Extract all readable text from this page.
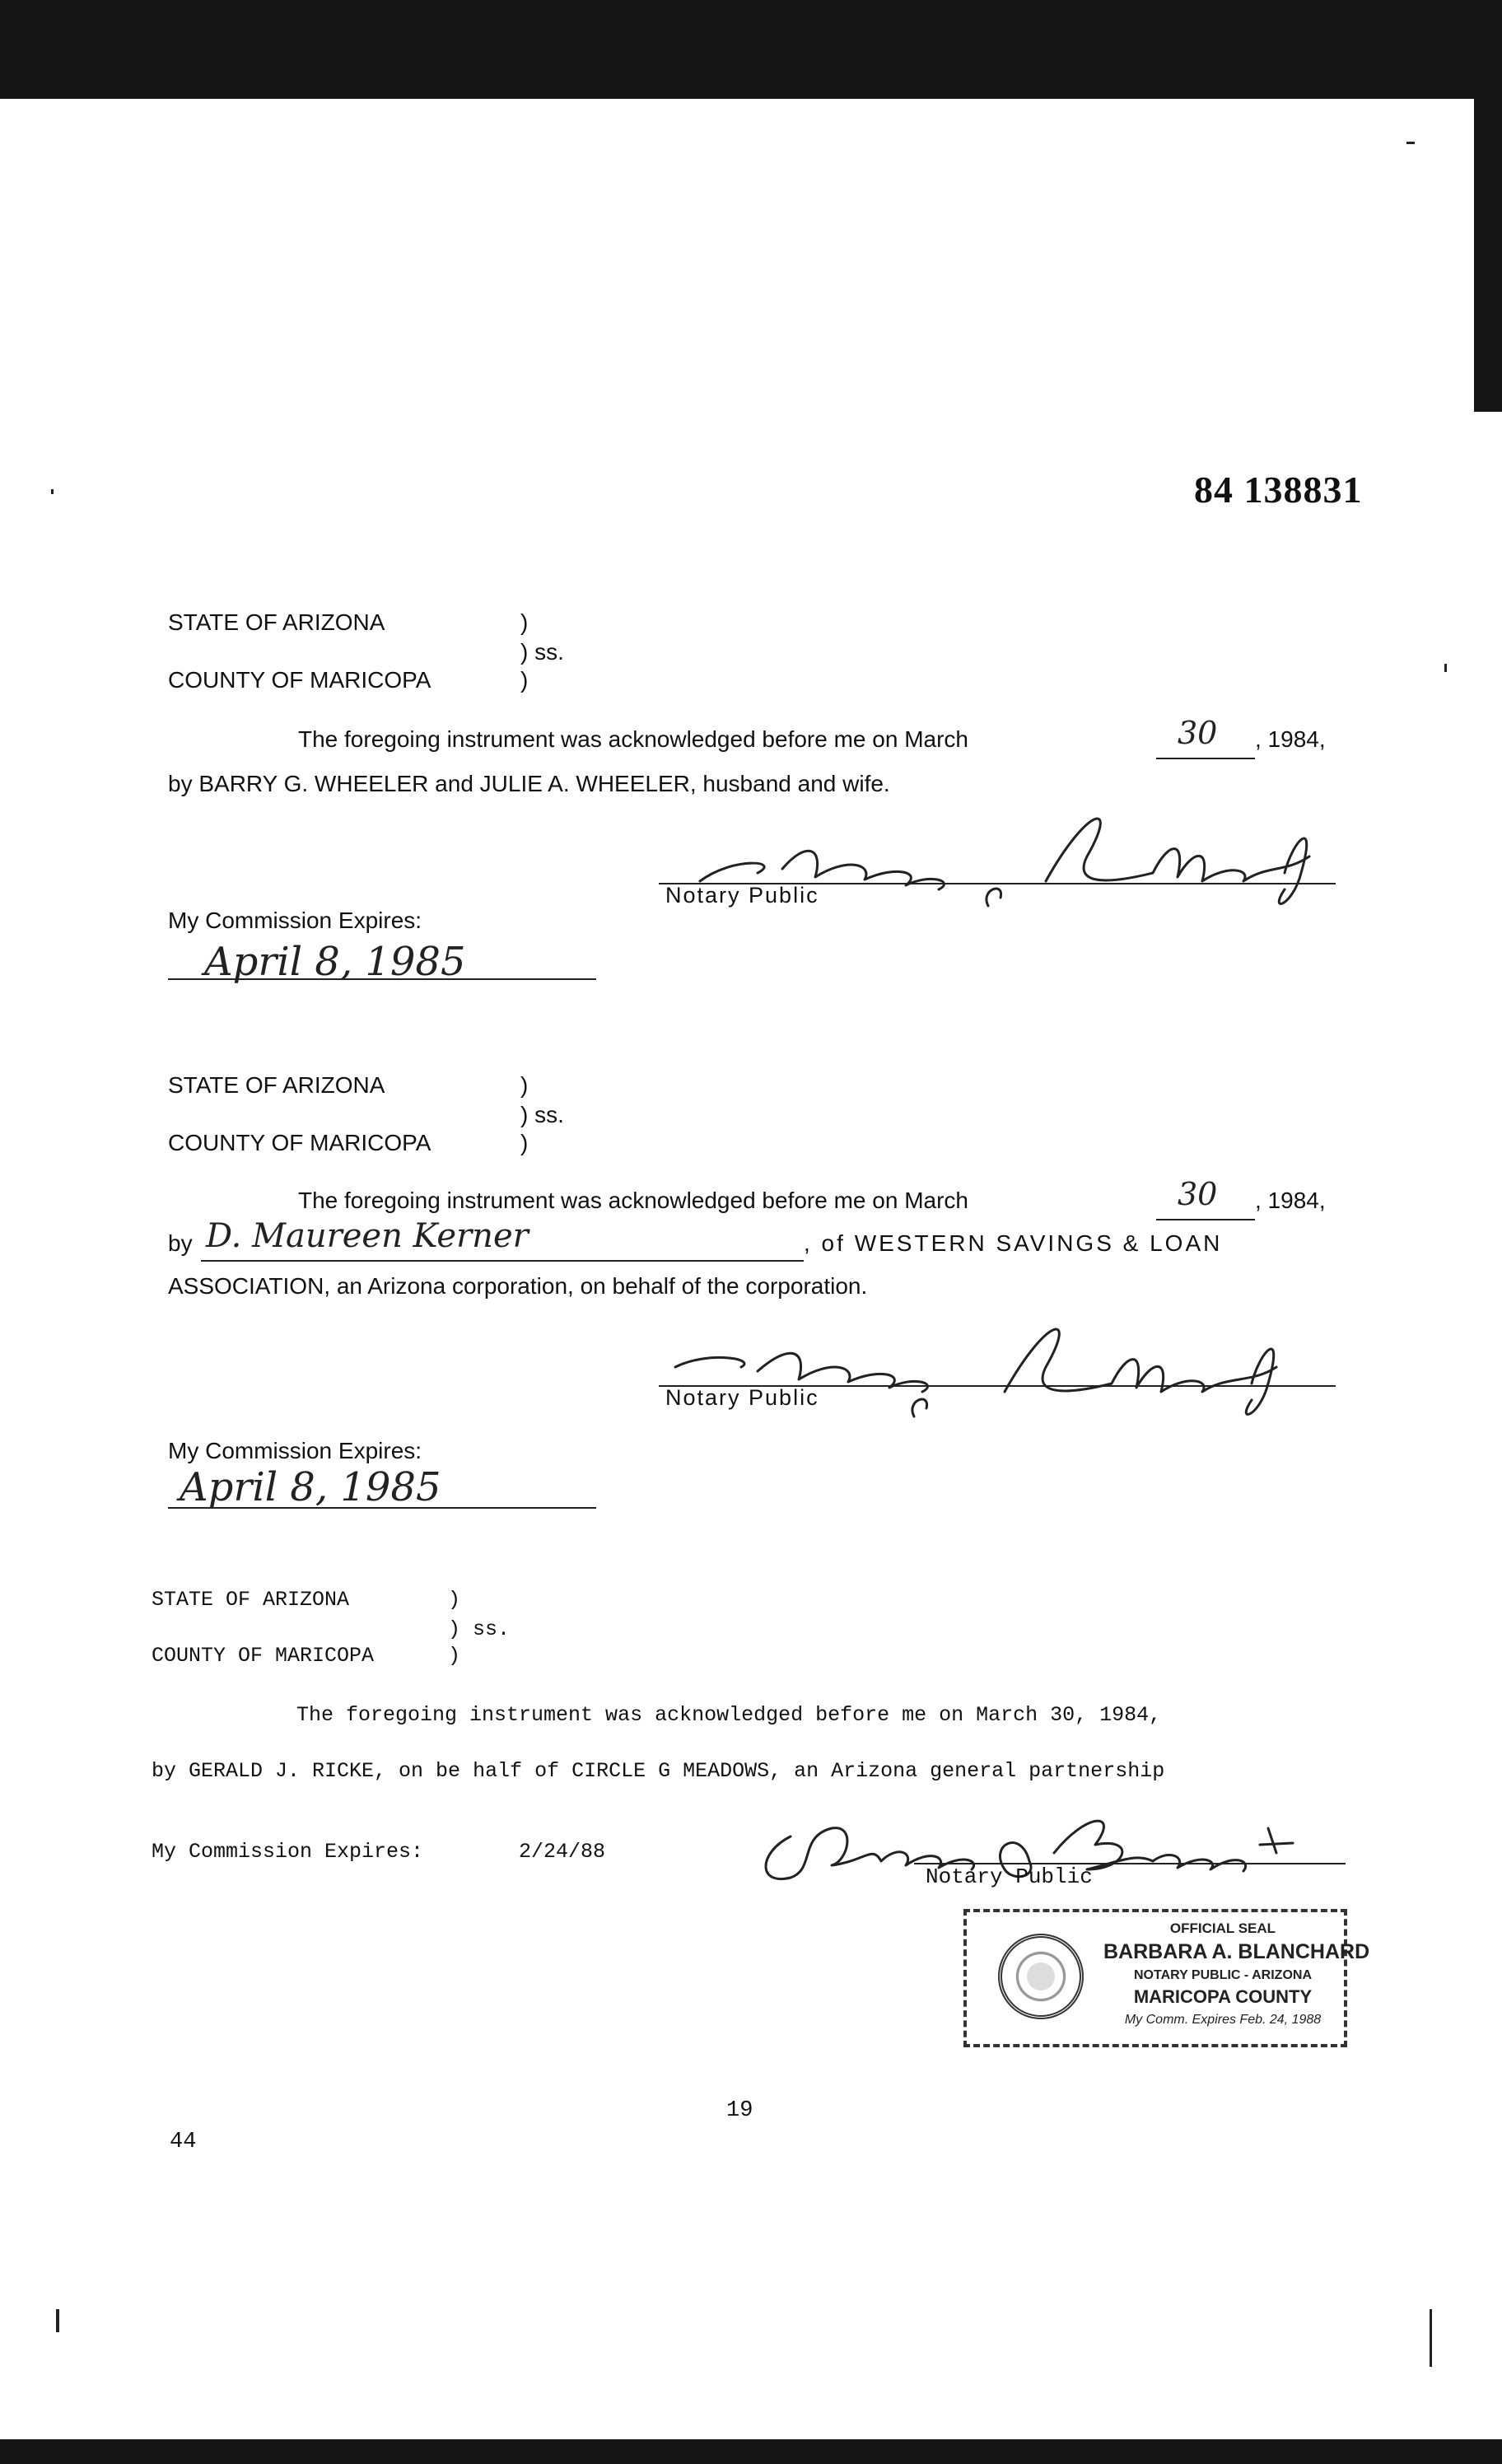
84 138831
STATE OF ARIZONA	)
) ss.
COUNTY OF MARICOPA	)
The foregoing instrument was acknowledged before me on March	30 , 1984,
by BARRY G. WHEELER and JULIE A. WHEELER, husband and wife.
Notary Public
My Commission Expires:
April 8, 1985
STATE OF ARIZONA	)
) ss.
COUNTY OF MARICOPA	)
The foregoing instrument was acknowledged before me on March	30 , 1984,
by D. Maureen Kerner	, of WESTERN SAVINGS & LOAN
ASSOCIATION, an Arizona corporation, on behalf of the corporation.
Notary Public
My Commission Expires:
April 8, 1985
STATE OF ARIZONA	)
) ss.
COUNTY OF MARICOPA	)
The foregoing instrument was acknowledged before me on March 30, 1984,
by GERALD J. RICKE, on be half of CIRCLE G MEADOWS, an Arizona general partnership
My Commission Expires:	2/24/88
Notary Public
OFFICIAL SEAL
BARBARA A. BLANCHARD
NOTARY PUBLIC - ARIZONA
MARICOPA COUNTY
My Comm. Expires Feb. 24, 1988
19
44
